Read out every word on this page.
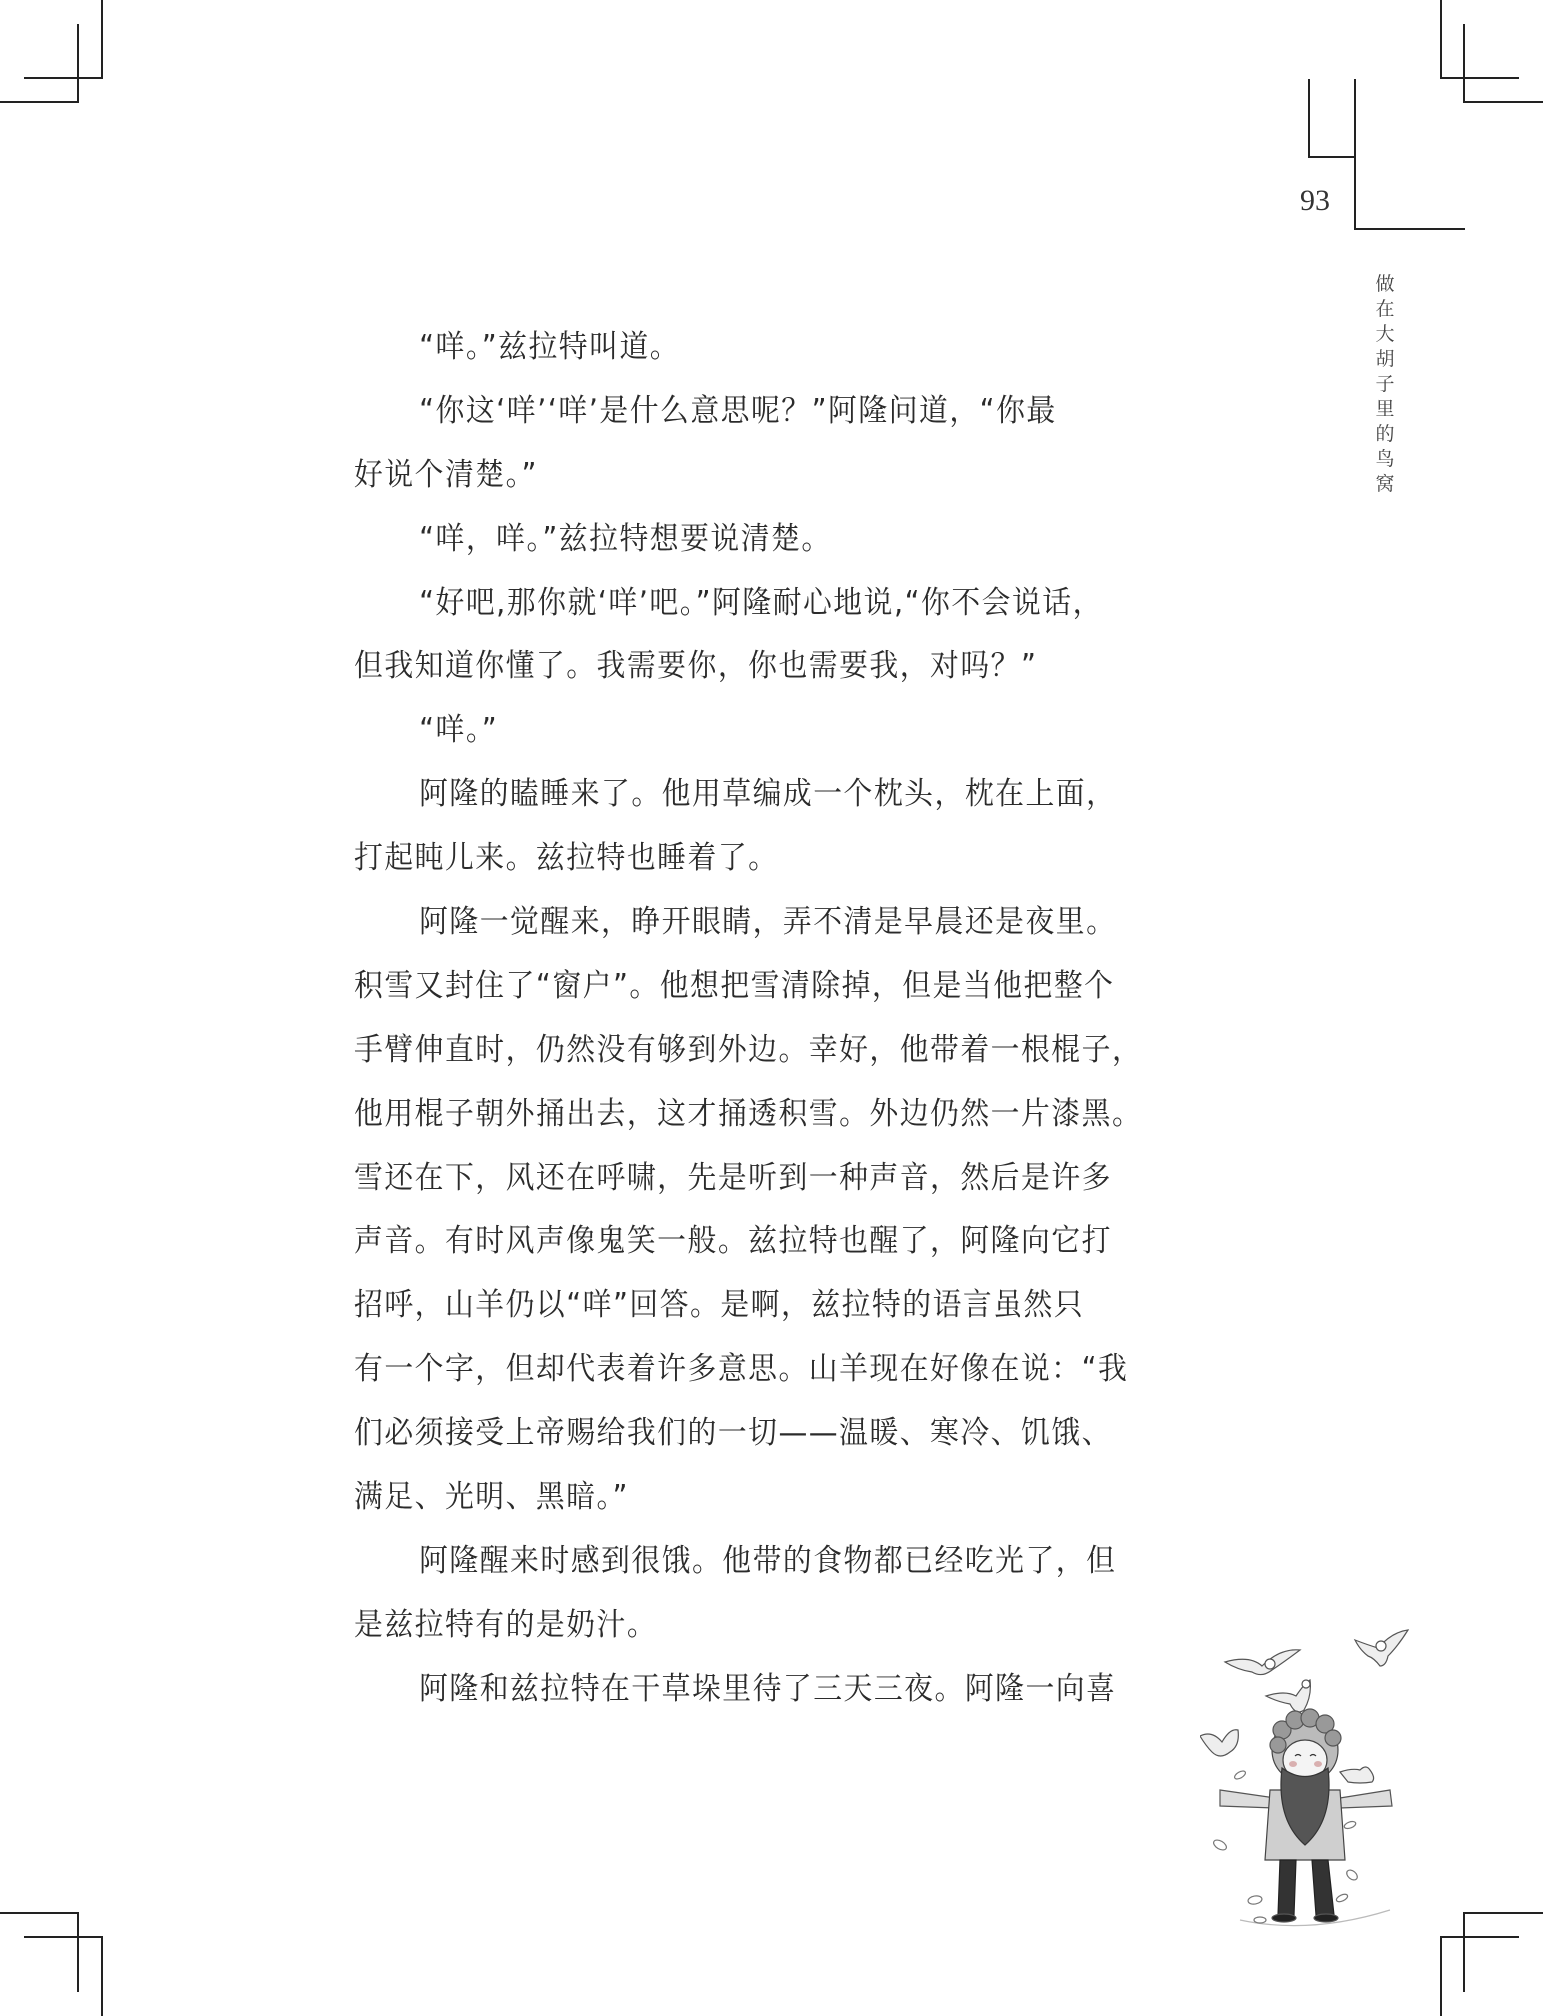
93
做
在
大
胡
子
里
的
鸟
窝
“咩。”兹拉特叫道。
“你这‘咩’‘咩’是什么意思呢？”阿隆问道，“你最
好说个清楚。”
“咩，咩。”兹拉特想要说清楚。
“好吧,那你就‘咩’吧。”阿隆耐心地说,“你不会说话，
但我知道你懂了。我需要你，你也需要我，对吗？”
“咩。”
阿隆的瞌睡来了。他用草编成一个枕头，枕在上面，
打起盹儿来。兹拉特也睡着了。
阿隆一觉醒来，睁开眼睛，弄不清是早晨还是夜里。
积雪又封住了“窗户”。他想把雪清除掉，但是当他把整个
手臂伸直时，仍然没有够到外边。幸好，他带着一根棍子，
他用棍子朝外捅出去，这才捅透积雪。外边仍然一片漆黑。
雪还在下，风还在呼啸，先是听到一种声音，然后是许多
声音。有时风声像鬼笑一般。兹拉特也醒了，阿隆向它打
招呼，山羊仍以“咩”回答。是啊，兹拉特的语言虽然只
有一个字，但却代表着许多意思。山羊现在好像在说：“我
们必须接受上帝赐给我们的一切——温暖、寒冷、饥饿、
满足、光明、黑暗。”
阿隆醒来时感到很饿。他带的食物都已经吃光了，但
是兹拉特有的是奶汁。
阿隆和兹拉特在干草垛里待了三天三夜。阿隆一向喜
